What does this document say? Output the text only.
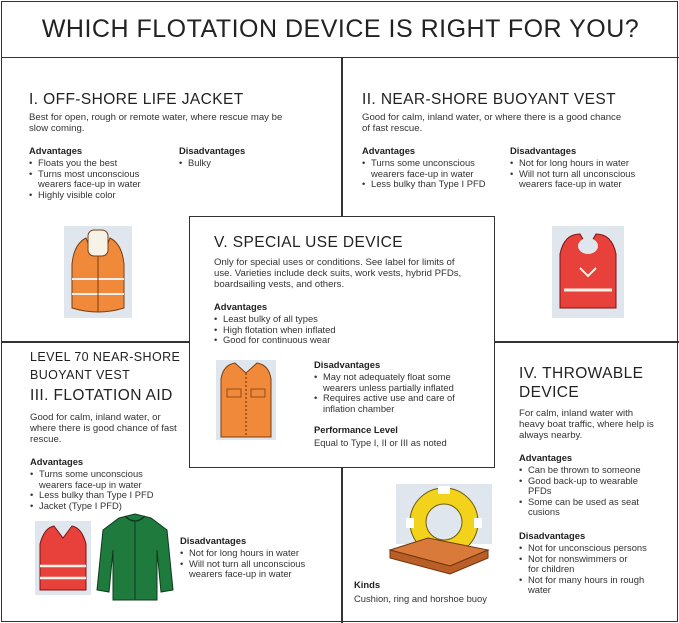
WHICH FLOTATION DEVICE IS RIGHT FOR YOU?
I. OFF-SHORE LIFE JACKET
Best for open, rough or remote water, where rescue may be slow coming.
Advantages
• Floats you the best
• Turns most unconscious wearers face-up in water
• Highly visible color
Disadvantages
• Bulky
II. NEAR-SHORE BUOYANT VEST
Good for calm, inland water, or where there is a good chance of fast rescue.
Advantages
• Turns some unconscious wearers face-up in water
• Less bulky than Type I PFD
Disadvantages
• Not for long hours in water
• Will not turn all unconscious wearers face-up in water
LEVEL 70 NEAR-SHORE BUOYANT VEST
III. FLOTATION AID
Good for calm, inland water, or where there is good chance of fast rescue.
Advantages
• Turns some unconscious wearers face-up in water
• Less bulky than Type I PFD
• Jacket (Type I PFD)
Disadvantages
• Not for long hours in water
• Will not turn all unconscious wearers face-up in water
IV. THROWABLE DEVICE
For calm, inland water with heavy boat traffic, where help is always nearby.
Advantages
• Can be thrown to someone
• Good back-up to wearable PFDs
• Some can be used as seat cusions
Disadvantages
• Not for unconscious persons
• Not for nonswimmers or for children
• Not for many hours in rough water
Kinds
Cushion, ring and horshoe buoy
V. SPECIAL USE DEVICE
Only for special uses or conditions. See label for limits of use. Varieties include deck suits, work vests, hybrid PFDs, boardsailing vests, and others.
Advantages
• Least bulky of all types
• High flotation when inflated
• Good for continuous wear
Disadvantages
• May not adequately float some wearers unless partially inflated
• Requires active use and care of inflation chamber
Performance Level
Equal to Type I, II or III as noted
